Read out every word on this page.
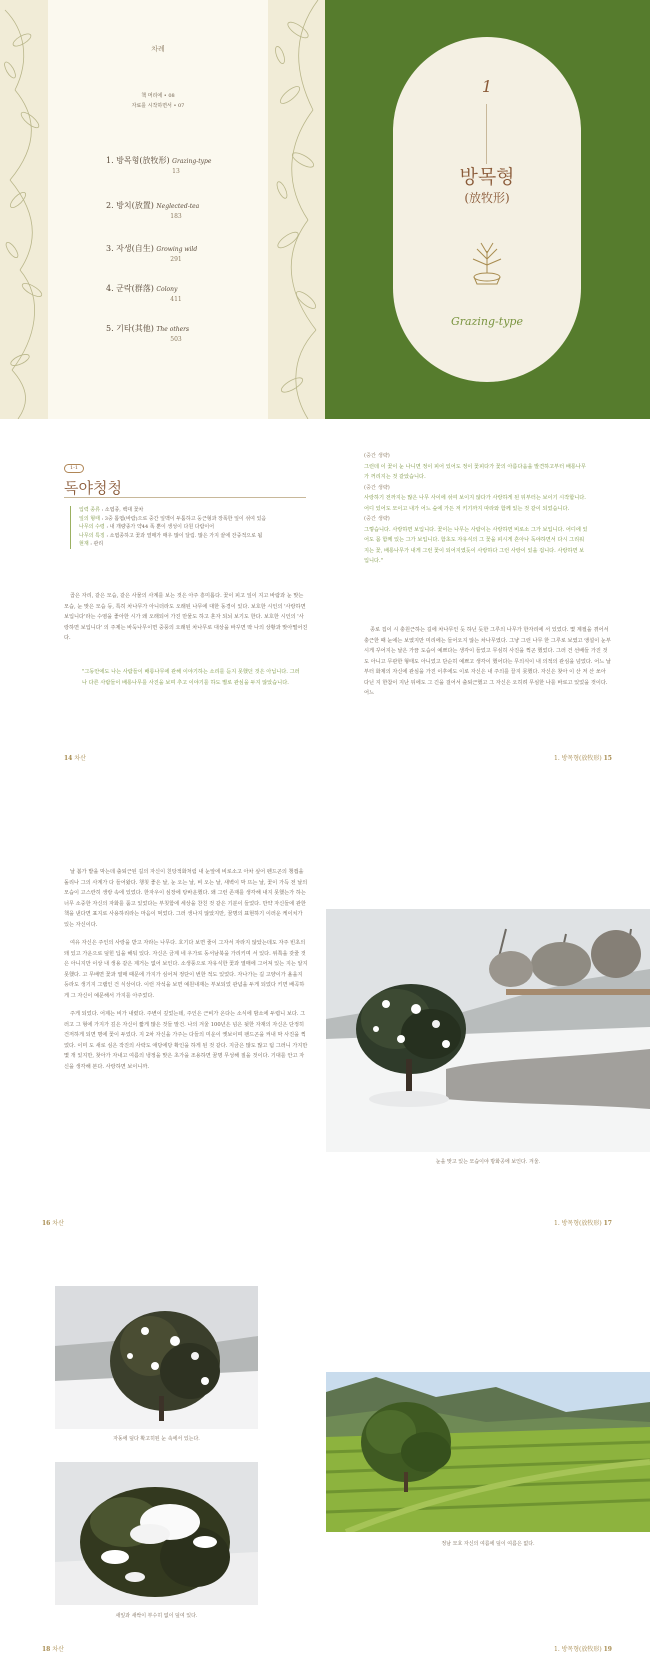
차례
책 머리에 • 08
자료를 시작하면서 • 07
1. 방목형(放牧形) Grazing-type
13
2. 방치(放置) Neglected-tea
183
3. 자생(自生) Growing wild
291
4. 군락(群落) Colony
411
5. 기타(其他) The others
503
1
방목형
(放牧形)
Grazing-type
1-1
독야청청
입력 종류 : 소엽종, 백대 꽃차
잎의 형태 : 3중 톱엽(바람)으로 중간 잎맥이 두툼하고 둥근형과 장폭한 잎이 섞여 있음
나무의 수령 : 내 개량종가 약44 폭 뿐이 생성이 다원 다람이어
나무의 특징 : 소엽종하고 꽃과 열매가 매우 많이 달림. 많은 가지 끝에 잔중적으로 됨
현재 : 관리

곱은 자리, 같은 모습, 같은 사물의 사계를 보는 것은 아주 흥미롭다. 꽃이 피고 잎이 지고 바람과 눈 맞는 모습, 눈 맞은 모습 등, 특히 차나무가 아니더라도 오래된 나무에 대한 동경이 있다. 보호한 시인의 '사랑하면 보입니다'라는 수염을 좋아한 시가 왜 오래되어 가진 만물도 하고 혼자 되뇌 보기도 한다. 보호한 시인의 '사랑하면 보입니다' 의 주제는 바둑나무이면 중풍의 오래된 차나무로 대상을 바꾸면 딱 나의 상황과 맞아떨어진다.

"그동안에도 나는 사람들이 배롱나무에 관해 이야기하는 소리를 듣지 못했던 것은 아닙니다. 그러나 다른 사람들이 배롱나무를 사진을 보며 추고 이야기를 하도 별로 관심을 두지 않았습니다.
14 차산
(중간 생략)
그런데 이 꽃이 눈 나니면 정이 피어 있어도 정이 꽃피다가 꽃의 아름다움을 발견하고부터 배롱나무가 꺼리지는 것 같았습니다.
(중간 생략)
사랑하기 전까지는 많은 나무 사이에 섞여 보이지 않다가 사랑하게 된 뒤부터는 보이기 시작합니다. 어디 있어도 모이고 내가 어느 숲에 가든 저 키기까지 따라와 함께 있는 것 같이 되었습니다.
(중간 생략)
그렇습니다. 사랑하면 보입니다. 꽃이는 나무는 사람이는 사랑하면 비로소 그가 보입니다. 어디에 있어도 몸 함께 있는 그가 보입니다. 함초도 자유식의 그 꽃을 피시게 흔아나 독야하면서 다시 그리워지는 꽃, 배롱나무가 내게 그런 꽃이 되어지였듯이 사랑하다 그런 사랑이 있을 겁니다. 사랑하면 보입니다."
종로 집이 시 충원근하는 길에 차나무인 듯 하닌 듯한 그루의 나무가 한자리에 서 있었다. 몇 계절을 겪어서 충근한 때 눈에는 보였지만 미리에는 들어오지 않는 차나무였다. 그냥 그런 나무 한 그루로 보였고 앵설이 눈부시게 꾸어지는 날은 가끔 도습이 예쁘다는 생각이 들었고 무심히 사진을 찍곤 했었다. 그러 건 선배들 가진 것도 아니고 무관한 형태도 아니었고 단순히 예쁘고 생각이 했어다는 무의식이 내 의적의 관심을 넘었다. 어느 날부터 화제의 자신에 관심을 가진 이후에도 이로 자신은 내 주의를 끌지 못했다. 자신은 찾아 이 산 저 산 쏘아 다닌 지 한참이 지난 뒤에도 그 긴을 걸어서 출퇴근했고 그 자신은 오히려 무심한 나를 바로고 있었을 것이다. 어느
1. 방목형(放牧形) 15

날 봄가 밭을 막는데 출퇴근된 길의 자신이 친탕적화처럼 내 눈앞에 비로소고 아차 싶어 펜드곤의 챙캡을 돌리나 그의 사계가 다 들어왔다. 챙칫 좋은 날, 눈 오는 날, 비 오는 날, 새벽이 막 뜨는 날, 꽃이 가득 전 날의 모습이 고스란히 생랑 속에 있었다. 한자우이 심장에 탕바운했다. 왜 그런 존재를 생각해 내지 못했는가 하는 너무 소중한 자신의 자화를 품고 있었다는 부칫함에 세상을 찬친 것 같은 기분이 들었다. 만약 자신들에 관한 책을 낸다면 표지로 사용하리라는 마음이 먹었다. 그러 생나지 않았지만, 꿈명의 표현하기 이러운 케이치가 있는 자신이다.

여유 자신은 주인의 사랑을 받고 자라는 나무다. 호기다 보면 줄이 그자서 자라지 않았는데도 자주 빈초의 돼 있고 가운으로 덮힌 딥을 해둬 있다. 자신은 금계 네 우가로 동서남북을 가리키며 서 있다. 위쪽을 갖줄 것은 아니지만 이상 내 생용 같은 제거는 없어 보인다. 소생풍으로 자유식한 꽃과 열매에 그어져 있는 지는 알지 못했다. 고 무배면 꽃과 열매 때문에 가지가 심어져 정단이 번한 적도 있었다. 자나가는 길 고양이가 올을지 등라도 생기지 그램인 건 식상이다. 이런 자석을 보면 예원내재는 부보되었 관념을 두게 되었다 키면 배곡하게 그 자신이 예문해서 가지를 아주었다.

주게 되었다. 어제는 비가 내렸다. 주변이 깊었는데, 주인은 근비가 온다는 소식에 밤소에 두렵니 보다. 그러고 그 형에 가지가 깊은 자신이 짧게 많은 것들 말건. 나의 겨울 100년은 넘은 뒷한 자재의 자신은 단정히 건저하게 되면 명에 꽃이 두었다. 지 2차 자신을 가주는 다들의 미운이 옛보이며 팬드곤을 켜내 막 사진을 찍었다. 이미 도 새로 심은 작진의 사락도 애당에당 확인을 하게 된 것 같다. 지금은 많도 많고 팀 그러니 가지만 몇 개 있지만, 찾아가 자내고 여름의 냉정을 맞은 초가을 조용하면 꿈명 무성해 질을 것이다. 기대를 안고 자신을 생각해 본다. 사랑하면 보이니까.

16 차산
눈을 맞고 있는 모습이야 방화공에 보인다. 겨울.
1. 방목형(放牧形) 17
자동에 덮다 확고히된 눈 속에서 있는다.
새잎과 새싹이 부수히 없이 덮여 있다.
18 차산
정남 모호 자신의 여름에 덮이 여름은 없다.
1. 방목형(放牧形) 19
